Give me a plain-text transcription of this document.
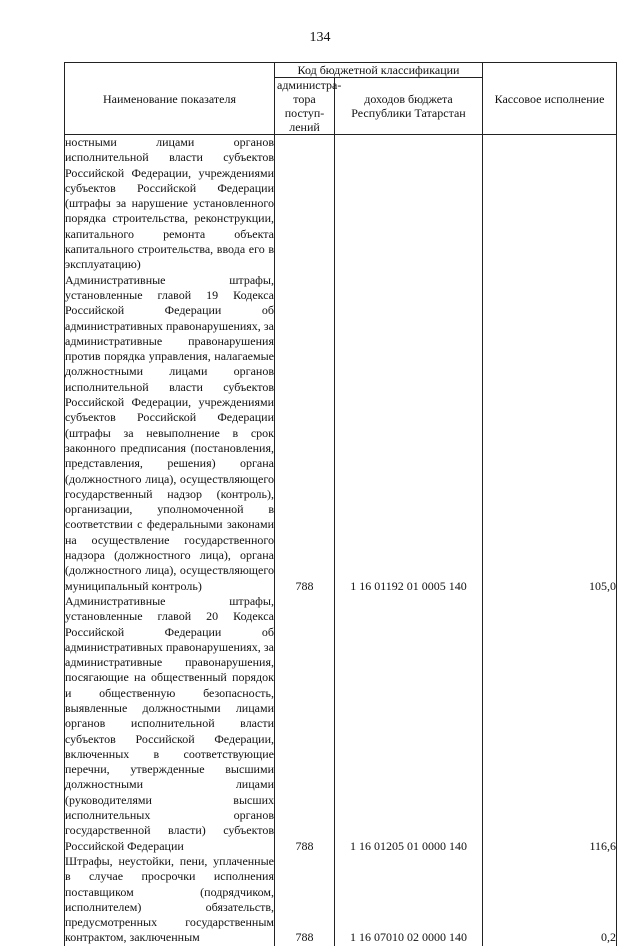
134
Наименование показателя	Код бюджетной классификации		Кассовое исполнение
	администра-тора поступ-лений	доходов бюджета Республики Татарстан	
ностными лицами органов исполнительной власти субъектов Российской Федерации, учреждениями субъектов Российской Федерации (штрафы за нарушение установленного порядка строительства, реконструкции, капитального ремонта объекта капитального строительства, ввода его в эксплуатацию)			
Административные штрафы, установленные главой 19 Кодекса Российской Федерации об административных правонарушениях, за административные правонарушения против порядка управления, налагаемые должностными лицами органов исполнительной власти субъектов Российской Федерации, учреждениями субъектов Российской Федерации (штрафы за невыполнение в срок законного предписания (постановления, представления, решения) органа (должностного лица), осуществляющего государственный надзор (контроль), организации, уполномоченной в соответствии с федеральными законами на осуществление государственного надзора (должностного лица), органа (должностного лица), осуществляющего муниципальный контроль)	788	1 16 01192 01 0005 140	105,0
Административные штрафы, установленные главой 20 Кодекса Российской Федерации об административных правонарушениях, за административные правонарушения, посягающие на общественный порядок и общественную безопасность, выявленные должностными лицами органов исполнительной власти субъектов Российской Федерации, включенных в соответствующие перечни, утвержденные высшими должностными лицами (руководителями высших исполнительных органов государственной власти) субъектов Российской Федерации	788	1 16 01205 01 0000 140	116,6
Штрафы, неустойки, пени, уплаченные в случае просрочки исполнения поставщиком (подрядчиком, исполнителем) обязательств, предусмотренных государственным контрактом, заключенным	788	1 16 07010 02 0000 140	0,2
